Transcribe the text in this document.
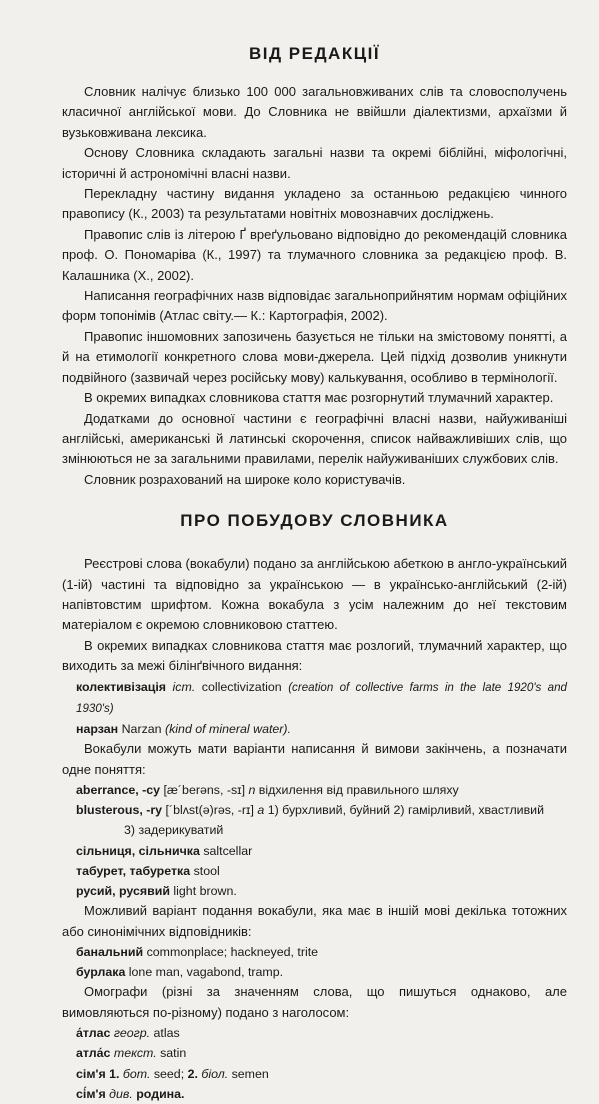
ВІД РЕДАКЦІЇ

Словник налічує близько 100 000 загальновживаних слів та словосполучень класичної англійської мови. До Словника не ввійшли діалектизми, архаїзми й вузьковживана лексика.

Основу Словника складають загальні назви та окремі біблійні, міфологічні, історичні й астрономічні власні назви.

Перекладну частину видання укладено за останньою редакцією чинного правопису (К., 2003) та результатами новітніх мовознавчих досліджень.

Правопис слів із літерою Ґ вреґульовано відповідно до рекомендацій словника проф. О. Пономарiва (К., 1997) та тлумачного словника за редакцією проф. В. Калашника (Х., 2002).

Написання географічних назв відповідає загальноприйнятим нормам офіційних форм топонімів (Атлас світу.— К.: Картографія, 2002).

Правопис іншомовних запозичень базується не тільки на змістовому понятті, а й на етимології конкретного слова мови-джерела. Цей підхід дозволив уникнути подвійного (зазвичай через російську мову) калькування, особливо в термінології.

В окремих випадках словникова стаття має розгорнутий тлумачний характер.

Додатками до основної частини є географічні власні назви, найуживаніші англійські, американські й латинські скорочення, список найважливіших слів, що змінюються не за загальними правилами, перелік найуживаніших службових слів.

Словник розрахований на широке коло користувачів.

ПРО ПОБУДОВУ СЛОВНИКА

Реєстрові слова (вокабули) подано за англійською абеткою в англо-український (1-ій) частині та відповідно за українською — в українсько-англійський (2-ій) напівтовстим шрифтом. Кожна вокабула з усім належним до неї текстовим матеріалом є окремою словниковою статтею.

В окремих випадках словникова стаття має розлогий, тлумачний характер, що виходить за межі білінґвічного видання:

колективізація icm. collectivization (creation of collective farms in the late 1920's and 1930's)

нарзан Narzan (kind of mineral water).

Вокабули можуть мати варіанти написання й вимови закінчень, а позначати одне поняття:

aberrance, -cy [æ´berəns, -sɪ] n відхилення від правильного шляху

blusterous, -ry [´blʌst(ə)rəs, -rɪ] a 1) бурхливий, буйний 2) гамірливий, хвастливий
3) задерикуватий

сільниця, сільничка saltcellar

табурет, табуретка stool

русий, русявий light brown.

Можливий варіант подання вокабули, яка має в іншій мові декілька тотожних або синонімічних відповідників:

банальний commonplace; hackneyed, trite

бурлака lone man, vagabond, tramp.

Омографи (різні за значенням слова, що пишуться однаково, але вимовляються по-різному) подано з наголосом:

а́тлас геогр. atlas

атла́с текст. satin

сім'я 1. бот. seed; 2. біол. semen

сі́м'я див. родина.
